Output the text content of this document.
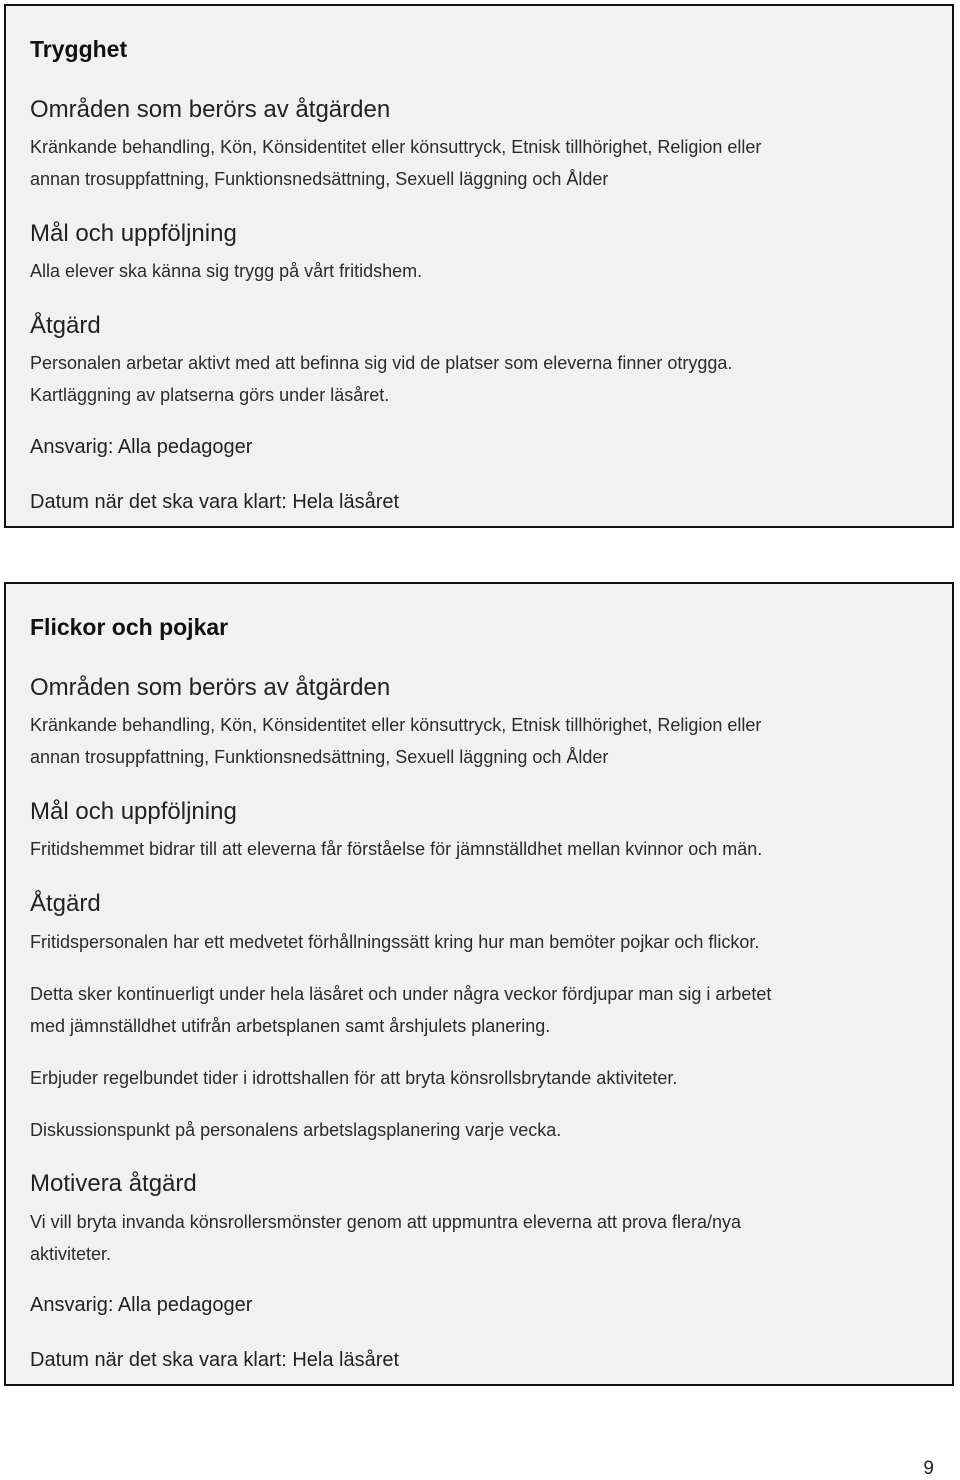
Trygghet
Områden som berörs av åtgärden
Kränkande behandling, Kön, Könsidentitet eller könsuttryck, Etnisk tillhörighet, Religion eller
annan trosuppfattning, Funktionsnedsättning, Sexuell läggning och Ålder
Mål och uppföljning
Alla elever ska känna sig trygg på vårt fritidshem.
Åtgärd
Personalen arbetar aktivt med att befinna sig vid de platser som eleverna finner otrygga.
Kartläggning av platserna görs under läsåret.
Ansvarig: Alla pedagoger
Datum när det ska vara klart: Hela läsåret
Flickor och pojkar
Områden som berörs av åtgärden
Kränkande behandling, Kön, Könsidentitet eller könsuttryck, Etnisk tillhörighet, Religion eller
annan trosuppfattning, Funktionsnedsättning, Sexuell läggning och Ålder
Mål och uppföljning
Fritidshemmet bidrar till att eleverna får förståelse för jämnställdhet mellan kvinnor och män.
Åtgärd
Fritidspersonalen har ett medvetet förhållningssätt kring hur man bemöter pojkar och flickor.
Detta sker kontinuerligt under hela läsåret och under några veckor fördjupar man sig i arbetet
med jämnställdhet utifrån arbetsplanen samt årshjulets planering.
Erbjuder regelbundet tider i idrottshallen för att bryta könsrollsbrytande aktiviteter.
Diskussionspunkt på personalens arbetslagsplanering varje vecka.
Motivera åtgärd
Vi vill bryta invanda könsrollersmönster genom att uppmuntra eleverna att prova flera/nya
aktiviteter.
Ansvarig: Alla pedagoger
Datum när det ska vara klart: Hela läsåret
9
